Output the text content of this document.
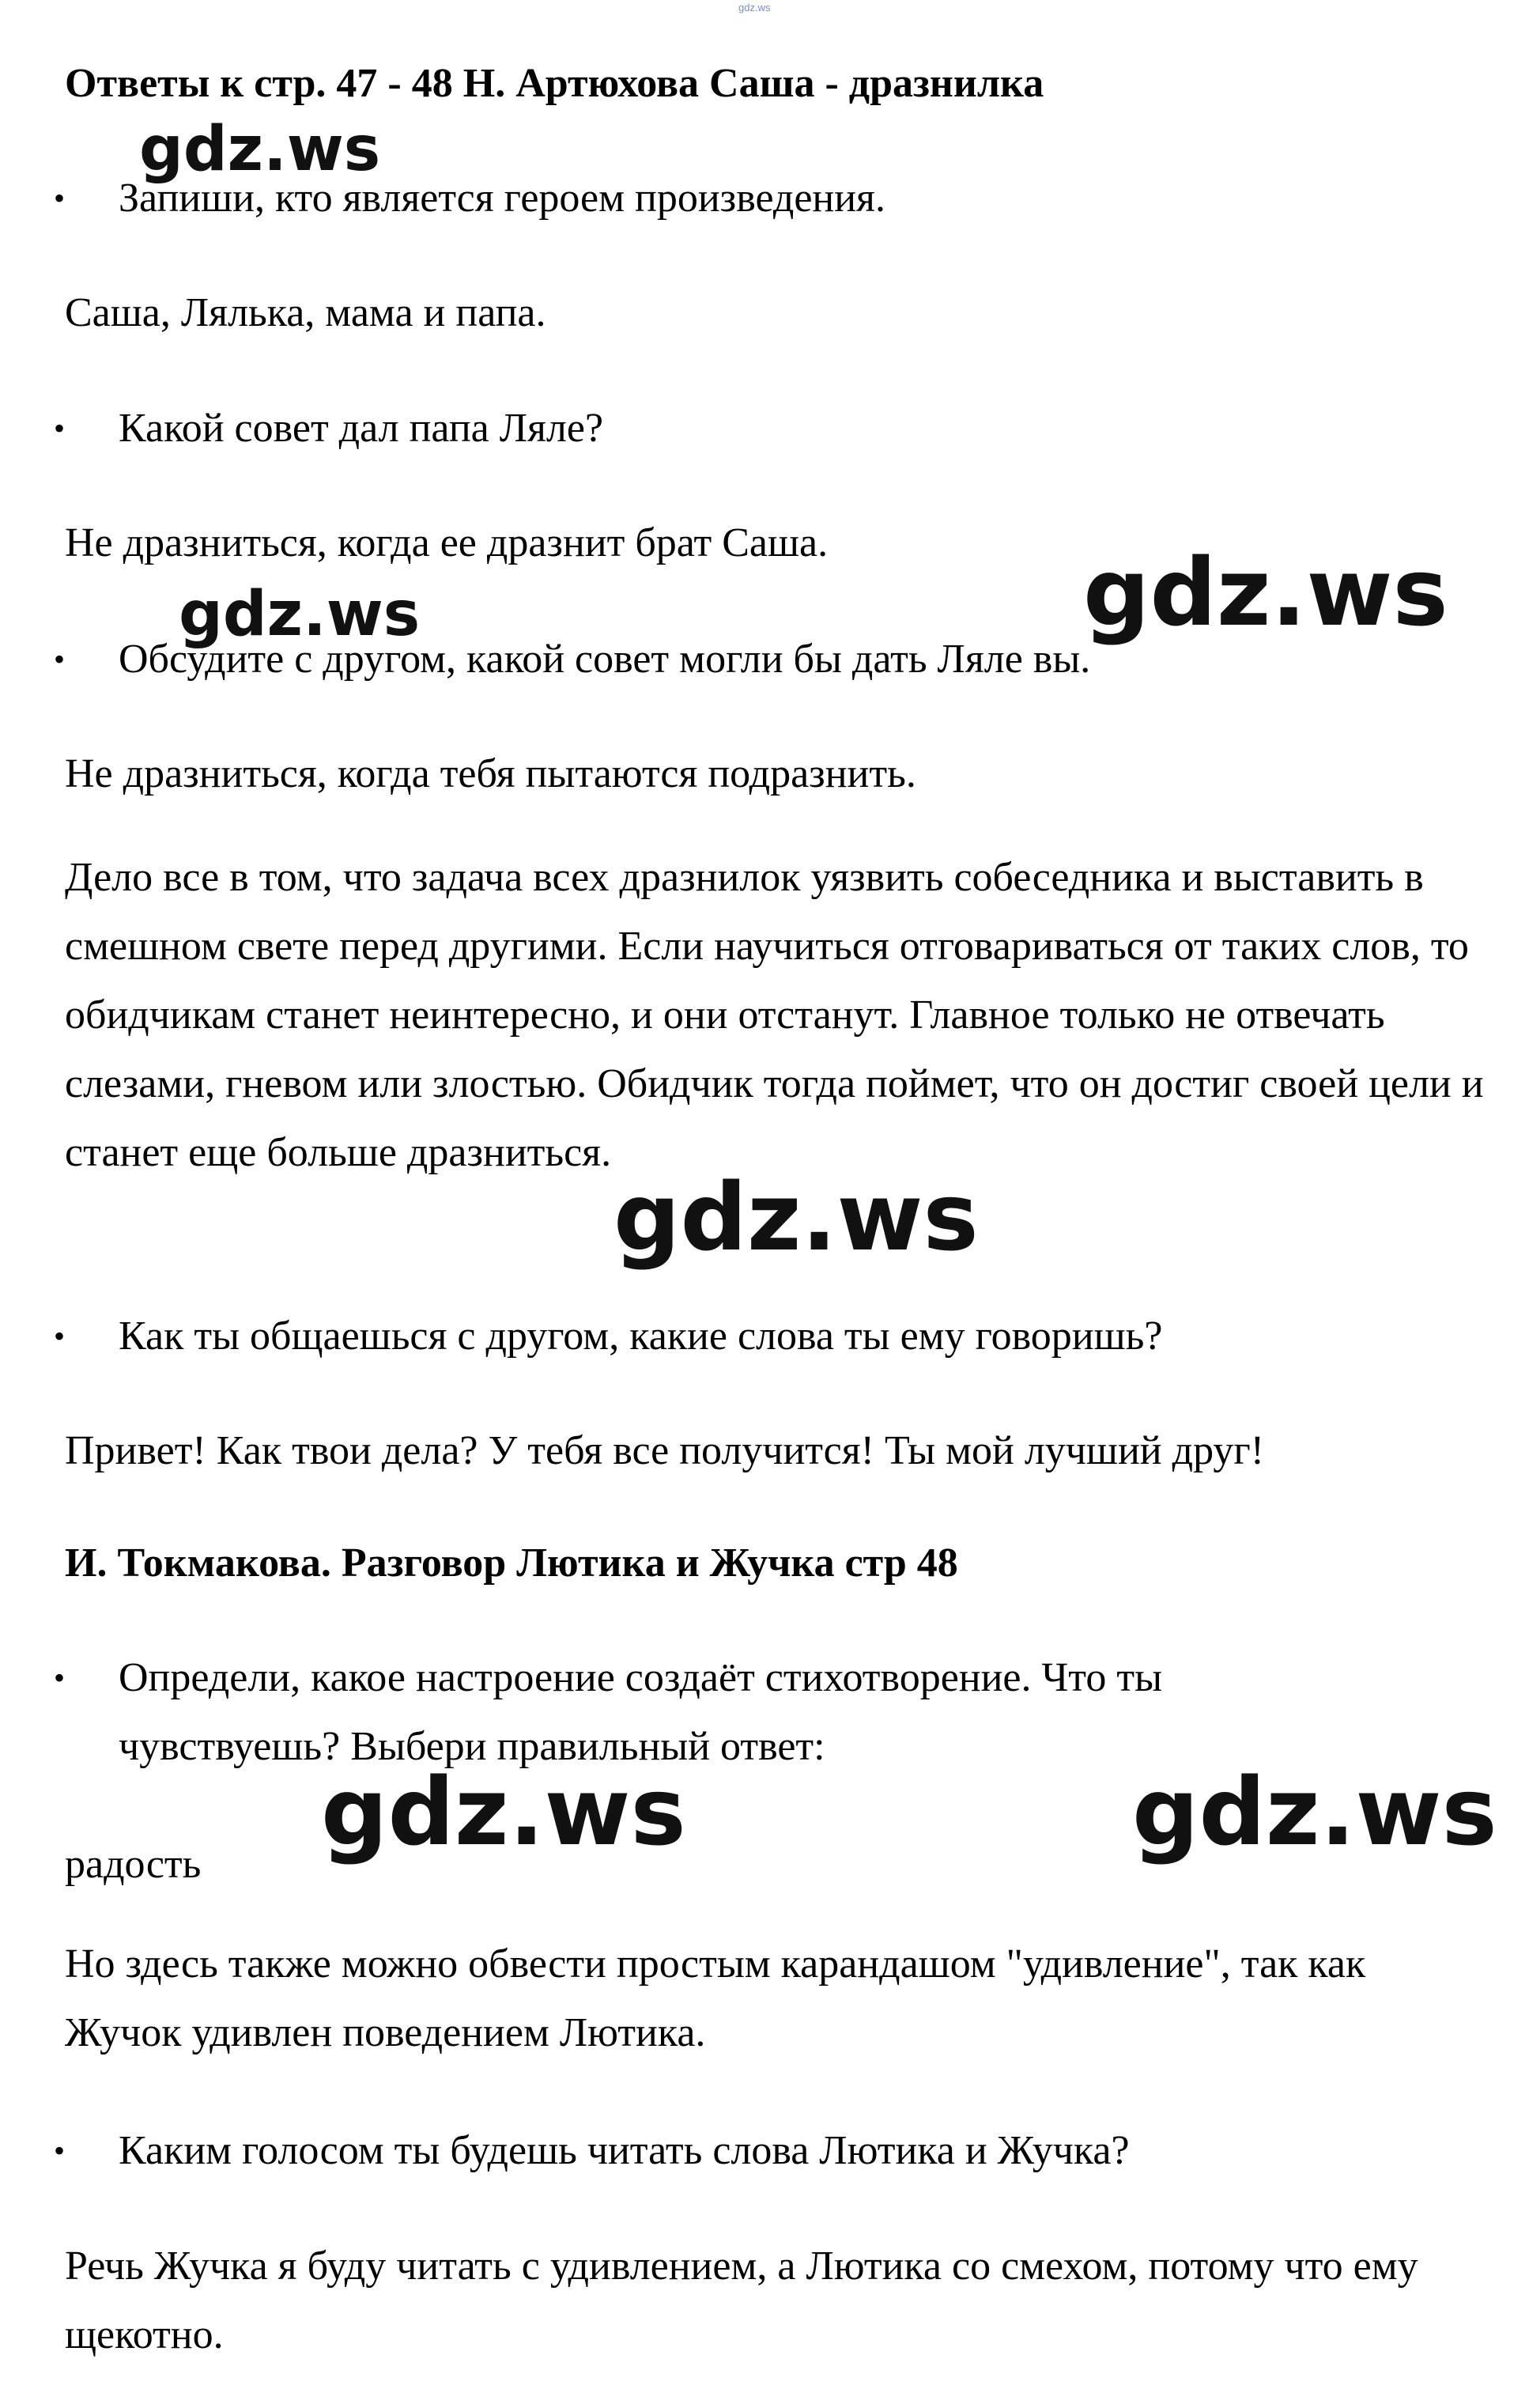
gdz.ws
Ответы к стр. 47 - 48 Н. Артюхова Саша - дразнилка
•	Запиши, кто является героем произведения.
Саша, Лялька, мама и папа.
•	Какой совет дал папа Ляле?
Не дразниться, когда ее дразнит брат Саша.
•	Обсудите с другом, какой совет могли бы дать Ляле вы.
Не дразниться, когда тебя пытаются подразнить.
Дело все в том, что задача всех дразнилок уязвить собеседника и выставить в смешном свете перед другими. Если научиться отговариваться от таких слов, то обидчикам станет неинтересно, и они отстанут. Главное только не отвечать слезами, гневом или злостью. Обидчик тогда поймет, что он достиг своей цели и станет еще больше дразниться.
•	Как ты общаешься с другом, какие слова ты ему говоришь?
Привет! Как твои дела? У тебя все получится! Ты мой лучший друг!
И. Токмакова. Разговор Лютика и Жучка стр 48
•	Определи, какое настроение создаёт стихотворение. Что ты чувствуешь? Выбери правильный ответ:
радость
Но здесь также можно обвести простым карандашом "удивление", так как Жучок удивлен поведением Лютика.
•	Каким голосом ты будешь читать слова Лютика и Жучка?
Речь Жучка я буду читать с удивлением, а Лютика со смехом, потому что ему щекотно.
gdz.ws
gdz.ws	gdz.ws
gdz.ws
gdz.ws	gdz.ws
